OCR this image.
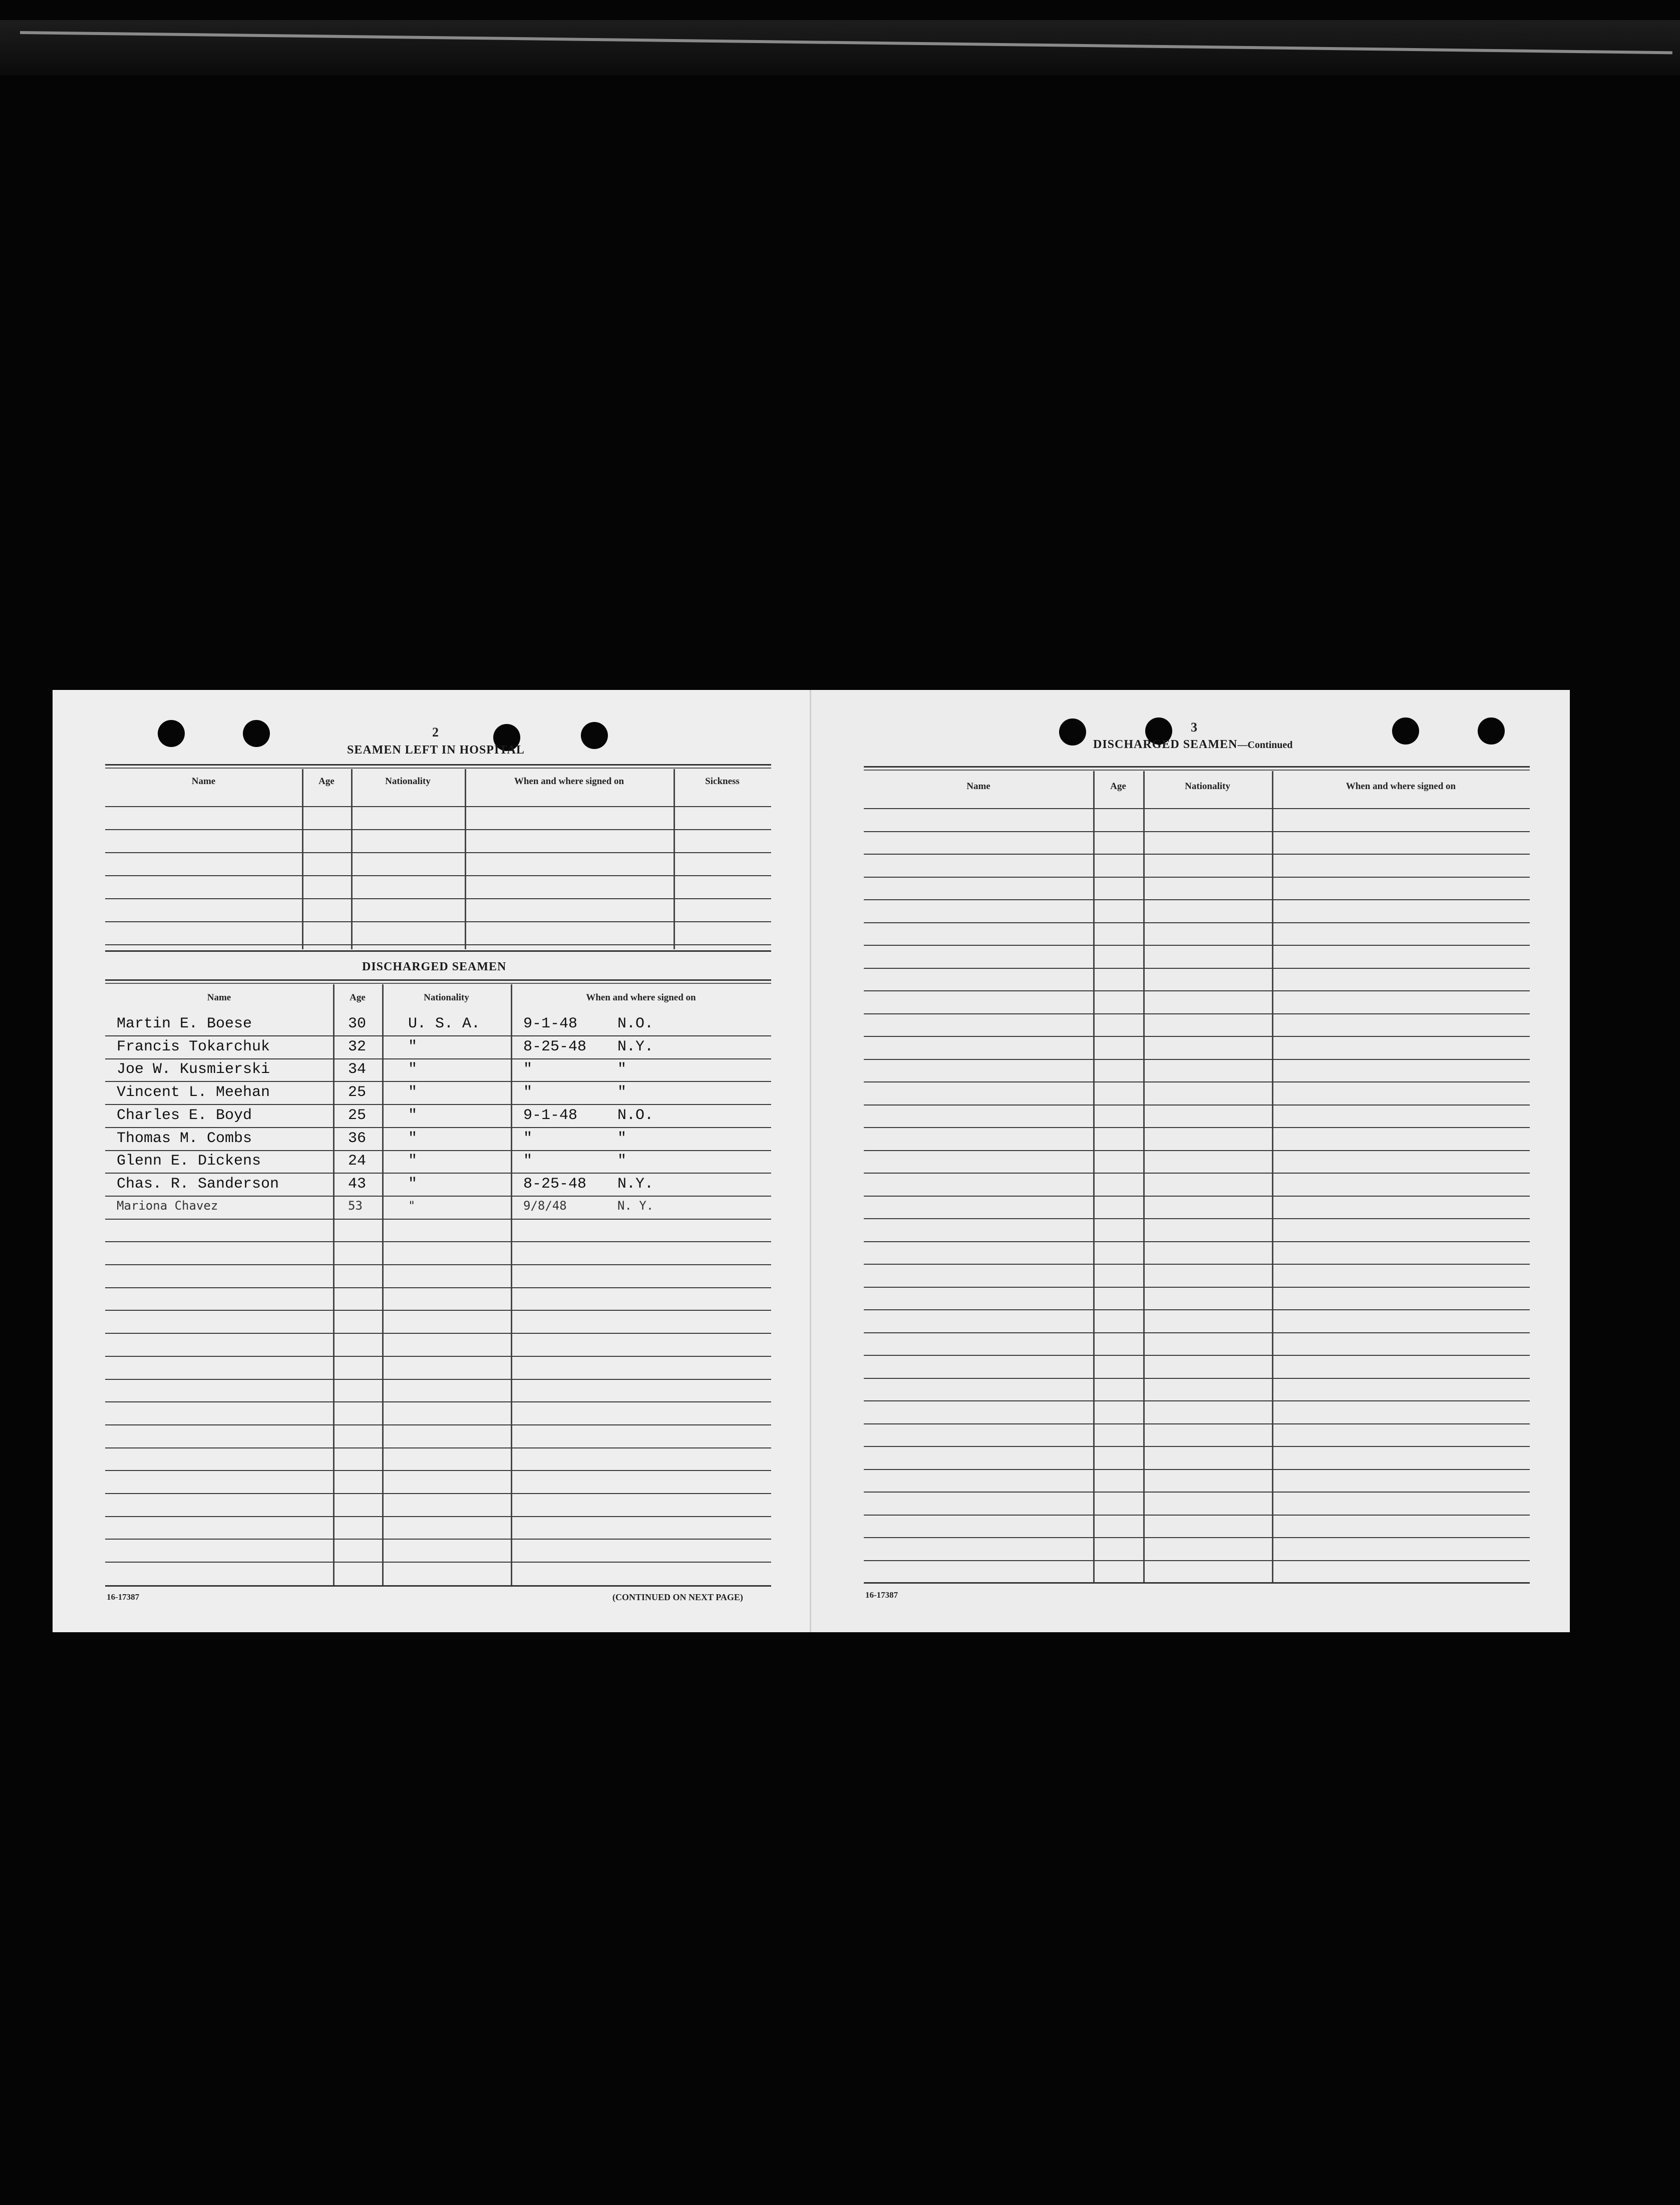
2
SEAMEN LEFT IN HOSPITAL
Name	Age	Nationality	When and where signed on	Sickness
DISCHARGED SEAMEN
Name	Age	Nationality	When and where signed on
Martin E. Boese	30	U. S. A.	9-1-48	N.O.
Francis Tokarchuk	32	"	8-25-48 N.Y.
Joe W. Kusmierski	34	"	"	"
Vincent L. Meehan	25	"	"	"
Charles E. Boyd	25	"	9-1-48	N.O.
Thomas M. Combs	36	"	"	"
Glenn E. Dickens	24	"	"	"
Chas. R. Sanderson	43	"	8-25-48 N.Y.
Mariona Chavez	53	"	9/8/48	N. Y.
16-17387	(CONTINUED ON NEXT PAGE)
3
DISCHARGED SEAMEN—Continued
Name	Age	Nationality	When and where signed on
16-17387
